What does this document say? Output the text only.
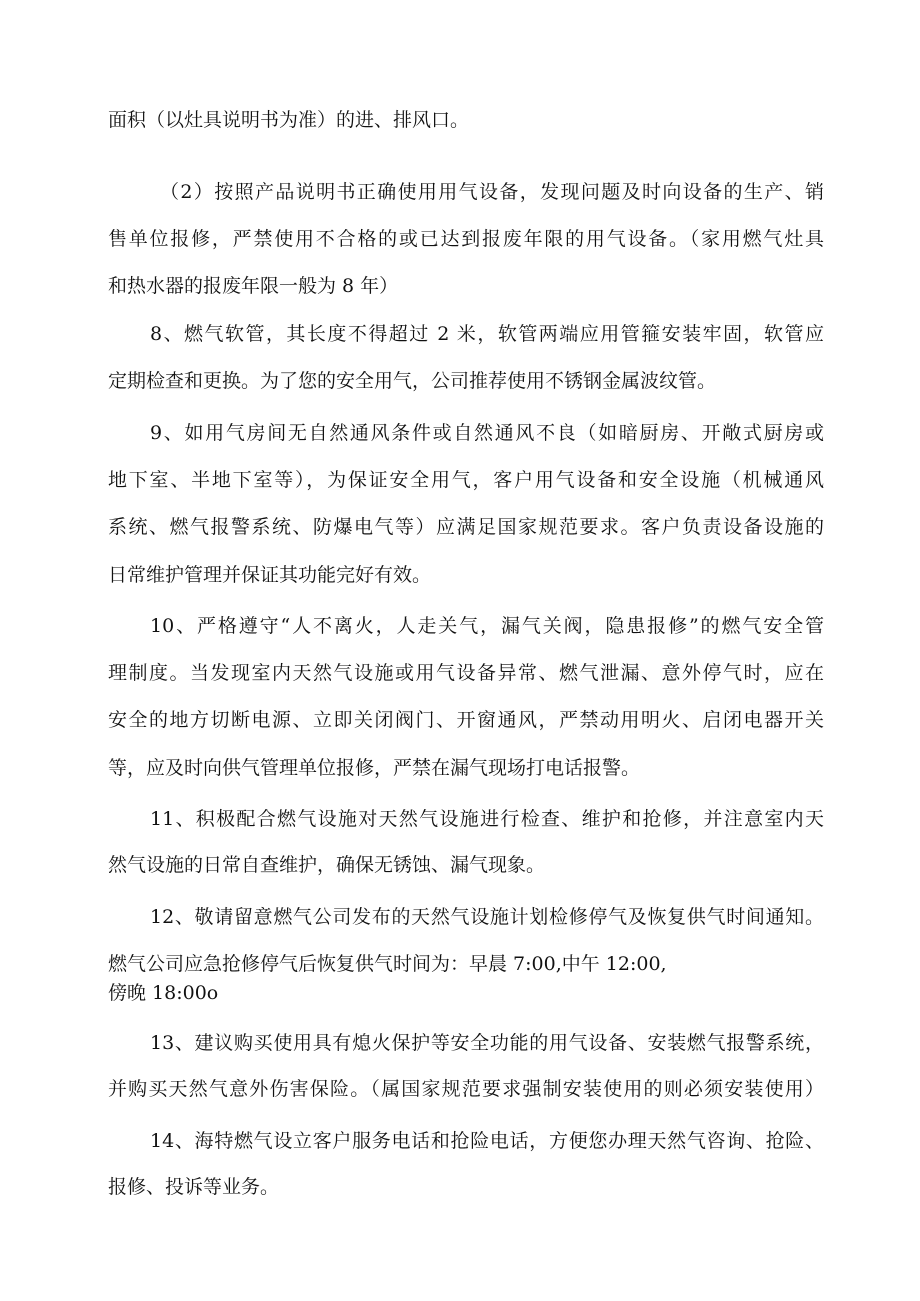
面积（以灶具说明书为准）的进、排风口。
（2）按照产品说明书正确使用用气设备，发现问题及时向设备的生产、销
售单位报修，严禁使用不合格的或已达到报废年限的用气设备。（家用燃气灶具
和热水器的报废年限一般为 8 年）
8、燃气软管，其长度不得超过 2 米，软管两端应用管箍安装牢固，软管应
定期检查和更换。为了您的安全用气，公司推荐使用不锈钢金属波纹管。
9、如用气房间无自然通风条件或自然通风不良（如暗厨房、开敞式厨房或
地下室、半地下室等），为保证安全用气，客户用气设备和安全设施（机械通风
系统、燃气报警系统、防爆电气等）应满足国家规范要求。客户负责设备设施的
日常维护管理并保证其功能完好有效。
10、严格遵守“人不离火，人走关气，漏气关阀，隐患报修”的燃气安全管
理制度。当发现室内天然气设施或用气设备异常、燃气泄漏、意外停气时，应在
安全的地方切断电源、立即关闭阀门、开窗通风，严禁动用明火、启闭电器开关
等，应及时向供气管理单位报修，严禁在漏气现场打电话报警。
11、积极配合燃气设施对天然气设施进行检查、维护和抢修，并注意室内天
然气设施的日常自查维护，确保无锈蚀、漏气现象。
12、敬请留意燃气公司发布的天然气设施计划检修停气及恢复供气时间通知。
燃气公司应急抢修停气后恢复供气时间为：早晨 7:00,中午 12:00,
傍晚 18:00o
13、建议购买使用具有熄火保护等安全功能的用气设备、安装燃气报警系统，
并购买天然气意外伤害保险。（属国家规范要求强制安装使用的则必须安装使用）
14、海特燃气设立客户服务电话和抢险电话，方便您办理天然气咨询、抢险、
报修、投诉等业务。
